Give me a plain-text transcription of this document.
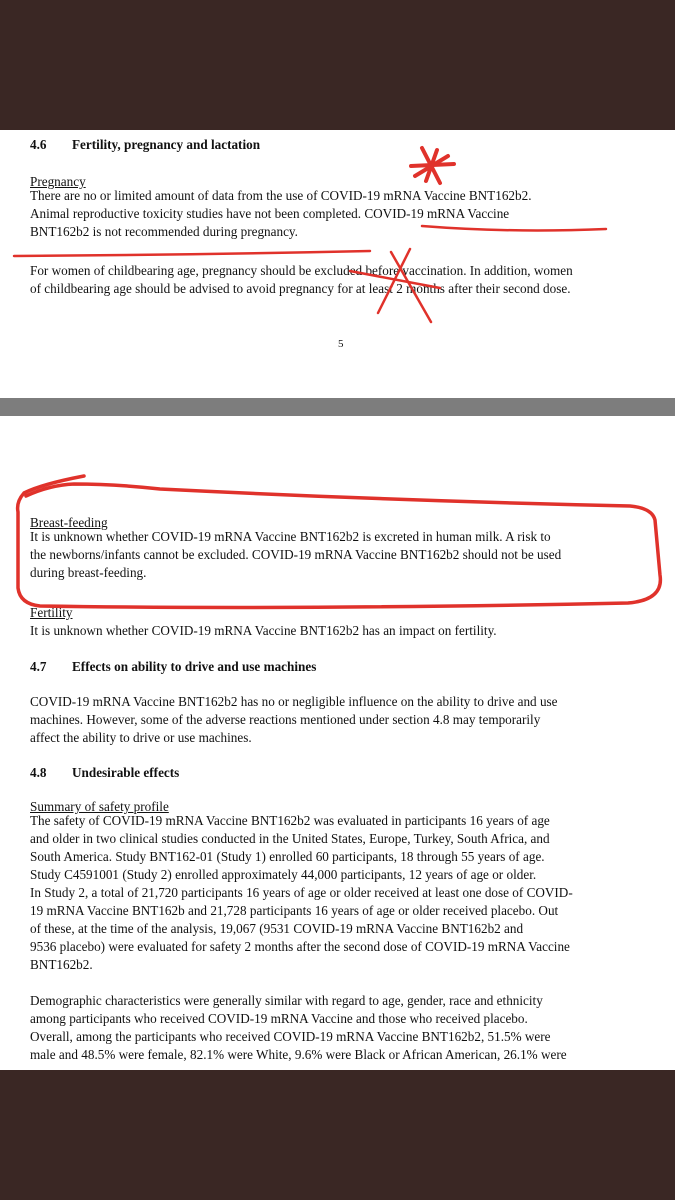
4.6 Fertility, pregnancy and lactation

Pregnancy

There are no or limited amount of data from the use of COVID-19 mRNA Vaccine BNT162b2.

Animal reproductive toxicity studies have not been completed. COVID-19 mRNA Vaccine

BNT162b2 is not recommended during pregnancy.

For women of childbearing age, pregnancy should be excluded before vaccination. In addition, women

of childbearing age should be advised to avoid pregnancy for at least 2 months after their second dose.

5

Breast-feeding

It is unknown whether COVID-19 mRNA Vaccine BNT162b2 is excreted in human milk. A risk to

the newborns/infants cannot be excluded. COVID-19 mRNA Vaccine BNT162b2 should not be used

during breast-feeding.

Fertility

It is unknown whether COVID-19 mRNA Vaccine BNT162b2 has an impact on fertility.

4.7 Effects on ability to drive and use machines

COVID-19 mRNA Vaccine BNT162b2 has no or negligible influence on the ability to drive and use

machines. However, some of the adverse reactions mentioned under section 4.8 may temporarily

affect the ability to drive or use machines.

4.8 Undesirable effects

Summary of safety profile

The safety of COVID-19 mRNA Vaccine BNT162b2 was evaluated in participants 16 years of age

and older in two clinical studies conducted in the United States, Europe, Turkey, South Africa, and

South America. Study BNT162-01 (Study 1) enrolled 60 participants, 18 through 55 years of age.

Study C4591001 (Study 2) enrolled approximately 44,000 participants, 12 years of age or older.

In Study 2, a total of 21,720 participants 16 years of age or older received at least one dose of COVID-

19 mRNA Vaccine BNT162b and 21,728 participants 16 years of age or older received placebo. Out

of these, at the time of the analysis, 19,067 (9531 COVID-19 mRNA Vaccine BNT162b2 and

9536 placebo) were evaluated for safety 2 months after the second dose of COVID-19 mRNA Vaccine

BNT162b2.

Demographic characteristics were generally similar with regard to age, gender, race and ethnicity

among participants who received COVID-19 mRNA Vaccine and those who received placebo.

Overall, among the participants who received COVID-19 mRNA Vaccine BNT162b2, 51.5% were

male and 48.5% were female, 82.1% were White, 9.6% were Black or African American, 26.1% were
